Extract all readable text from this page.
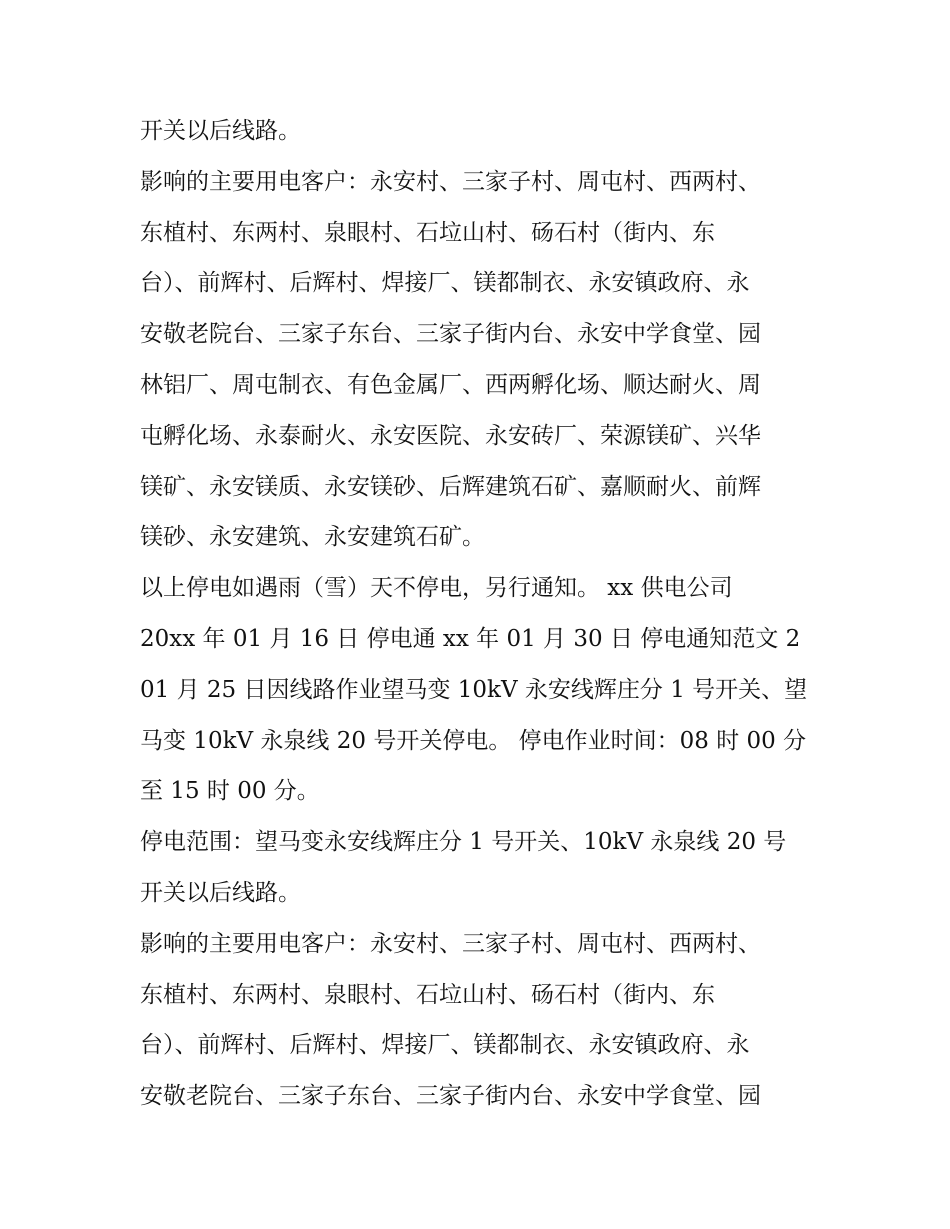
开关以后线路。
影响的主要用电客户：永安村、三家子村、周屯村、西两村、
东植村、东两村、泉眼村、石垃山村、砀石村（街内、东
台）、前辉村、后辉村、焊接厂、镁都制衣、永安镇政府、永
安敬老院台、三家子东台、三家子街内台、永安中学食堂、园
林铝厂、周屯制衣、有色金属厂、西两孵化场、顺达耐火、周
屯孵化场、永泰耐火、永安医院、永安砖厂、荣源镁矿、兴华
镁矿、永安镁质、永安镁砂、后辉建筑石矿、嘉顺耐火、前辉
镁砂、永安建筑、永安建筑石矿。
以上停电如遇雨（雪）天不停电，另行通知。 xx 供电公司
20xx 年 01 月 16 日 停电通 xx 年 01 月 30 日 停电通知范文 2
01 月 25 日因线路作业望马变 10kV 永安线辉庄分 1 号开关、望
马变 10kV 永泉线 20 号开关停电。 停电作业时间：08 时 00 分
至 15 时 00 分。
停电范围：望马变永安线辉庄分 1 号开关、10kV 永泉线 20 号
开关以后线路。
影响的主要用电客户：永安村、三家子村、周屯村、西两村、
东植村、东两村、泉眼村、石垃山村、砀石村（街内、东
台）、前辉村、后辉村、焊接厂、镁都制衣、永安镇政府、永
安敬老院台、三家子东台、三家子街内台、永安中学食堂、园
